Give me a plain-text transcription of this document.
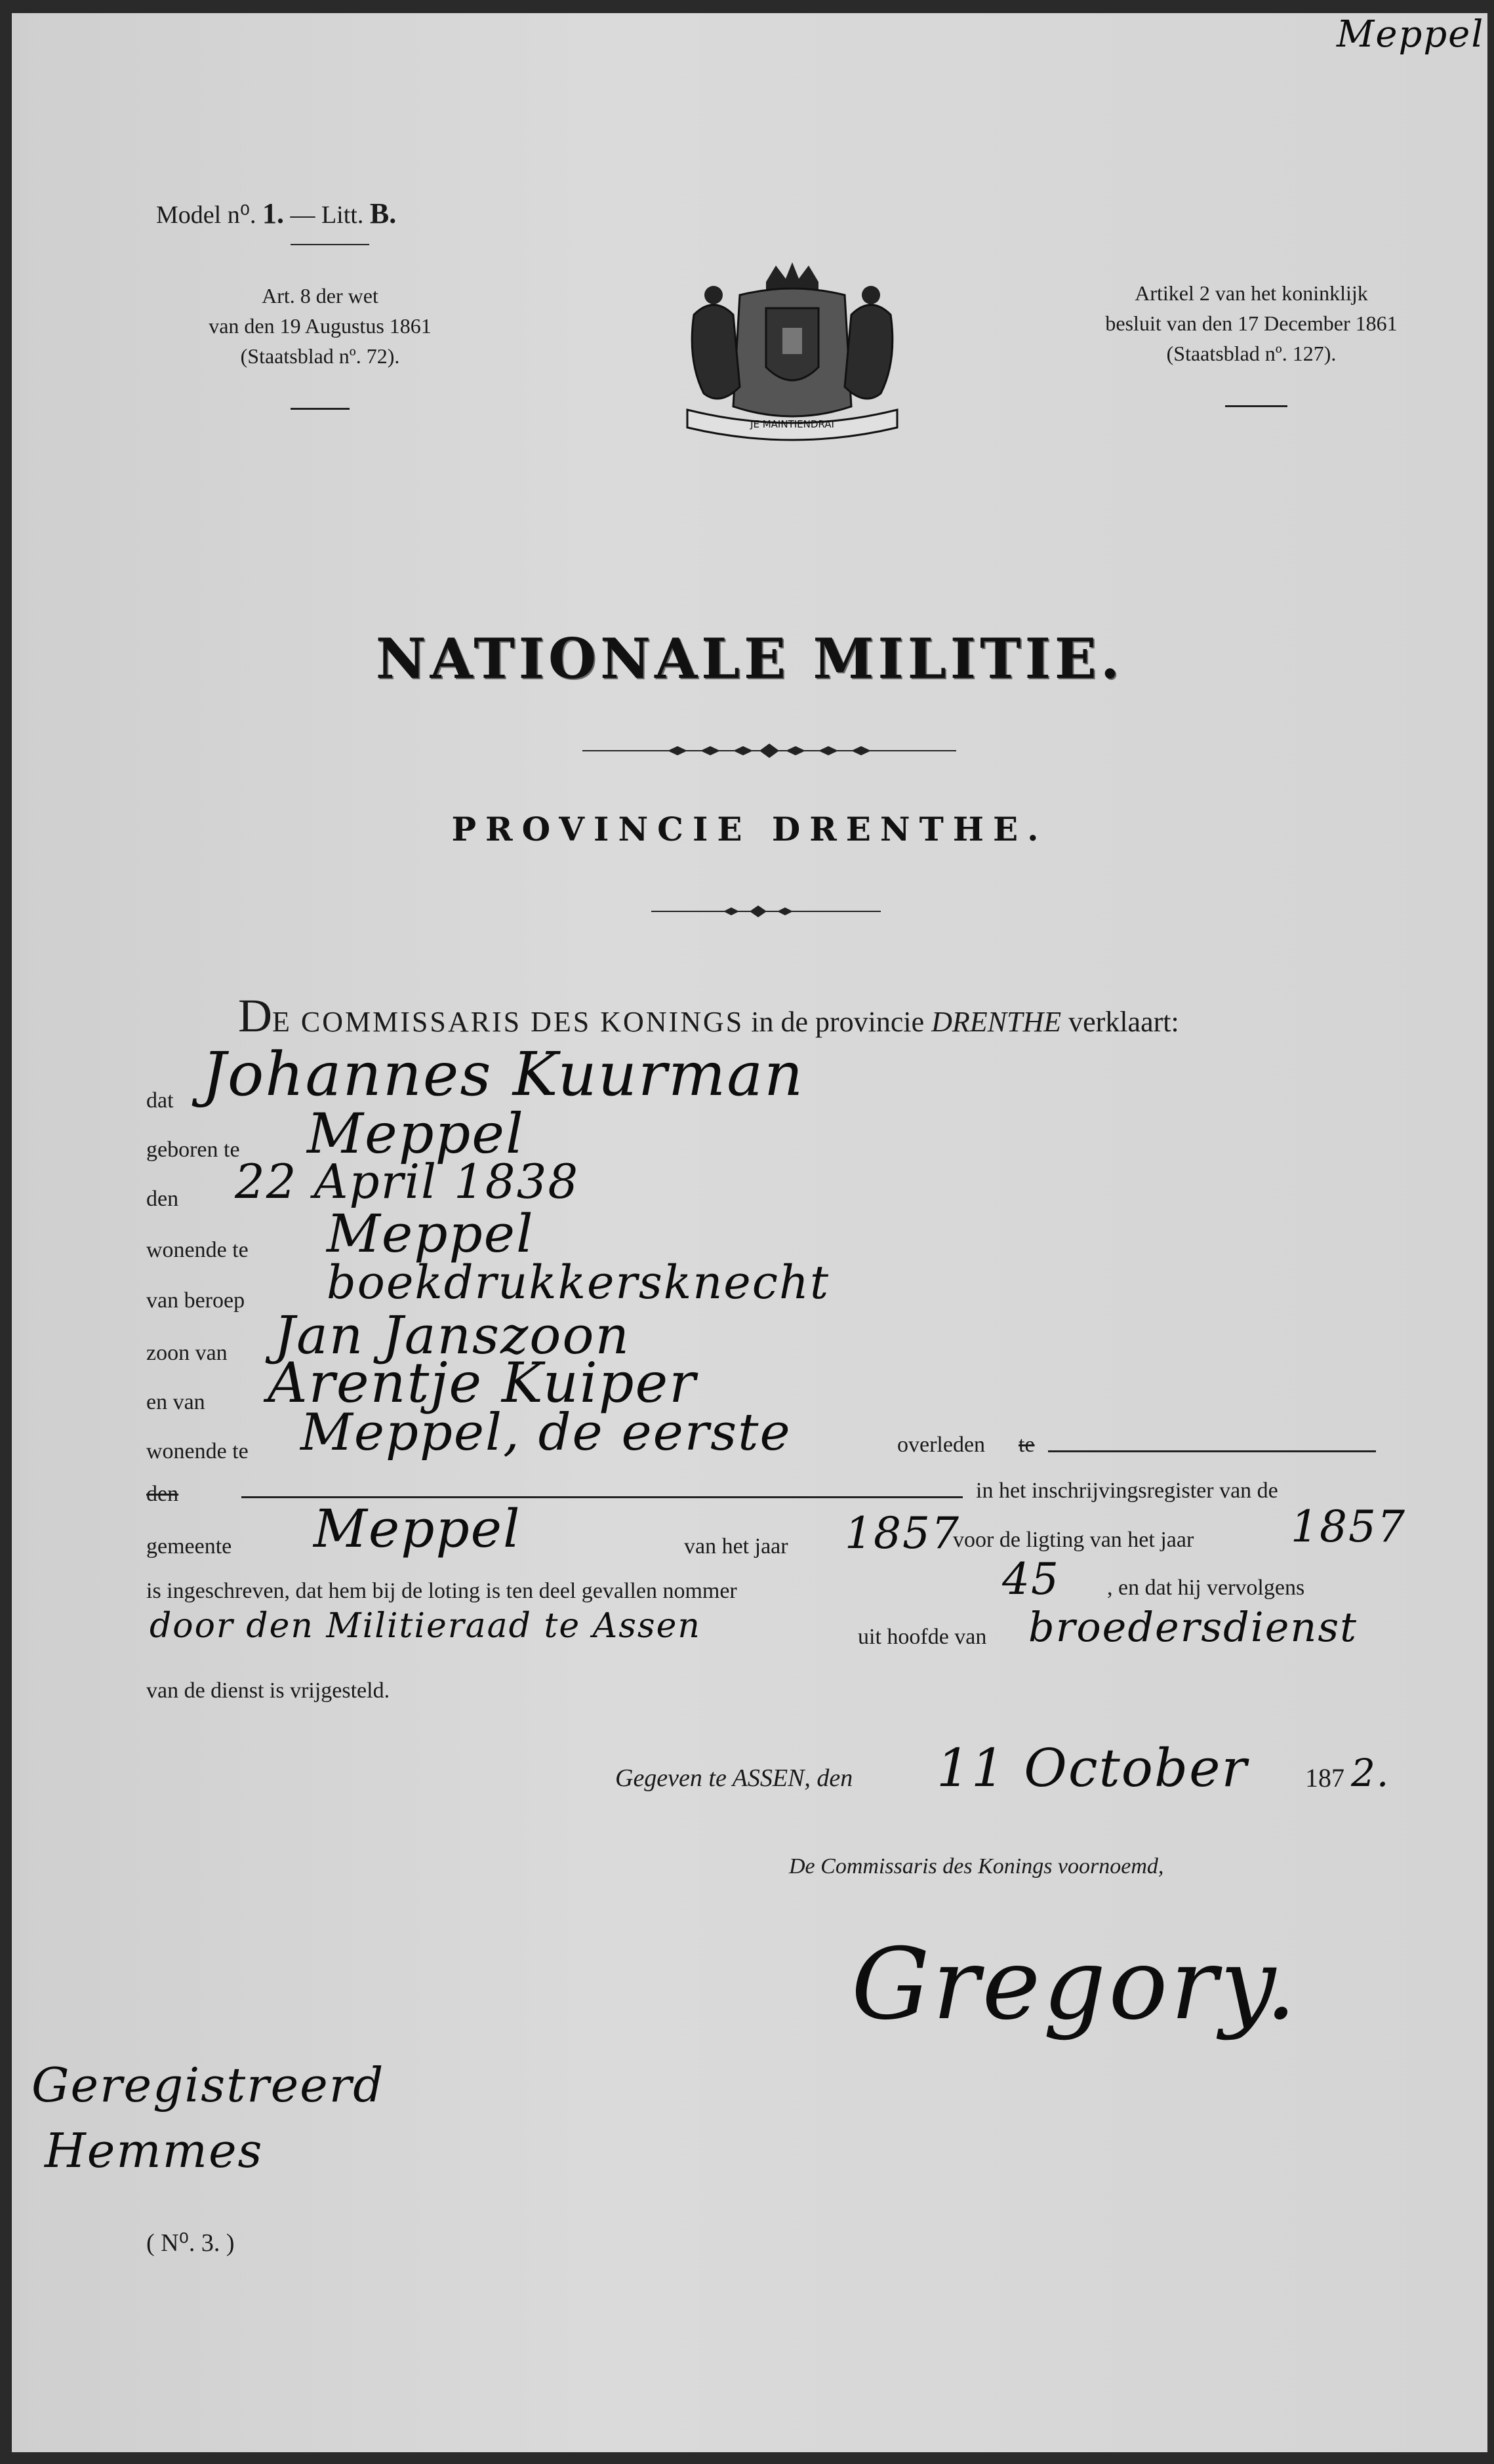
Meppel
Model n⁰. 1. — Litt. B.
Art. 8 der wet
van den 19 Augustus 1861
(Staatsblad nº. 72).
Artikel 2 van het koninklijk
besluit van den 17 December 1861
(Staatsblad nº. 127).
JE MAINTIENDRAI
NATIONALE MILITIE.
PROVINCIE DRENTHE.
DE COMMISSARIS DES KONINGS in de provincie DRENTHE verklaart:
dat Johannes Kuurman
geboren te Meppel
den 22 April 1838
wonende te Meppel
van beroep boekdrukkersknecht
zoon van Jan Janszoon
en van Arentje Kuiper
wonende te Meppel, de eerste	overleden te
den	in het inschrijvingsregister van de
gemeente Meppel	van het jaar 1857
voor de ligting van het jaar 1857
is ingeschreven, dat hem bij de loting is ten deel gevallen nommer	45 , en dat hij vervolgens
door den Militieraad te Assen	uit hoofde van broedersdienst
van de dienst is vrijgesteld.
Gegeven te ASSEN, den 11 October 187 2.
De Commissaris des Konings voornoemd,
Gregory.
Geregistreerd
Hemmes
( N⁰. 3. )
